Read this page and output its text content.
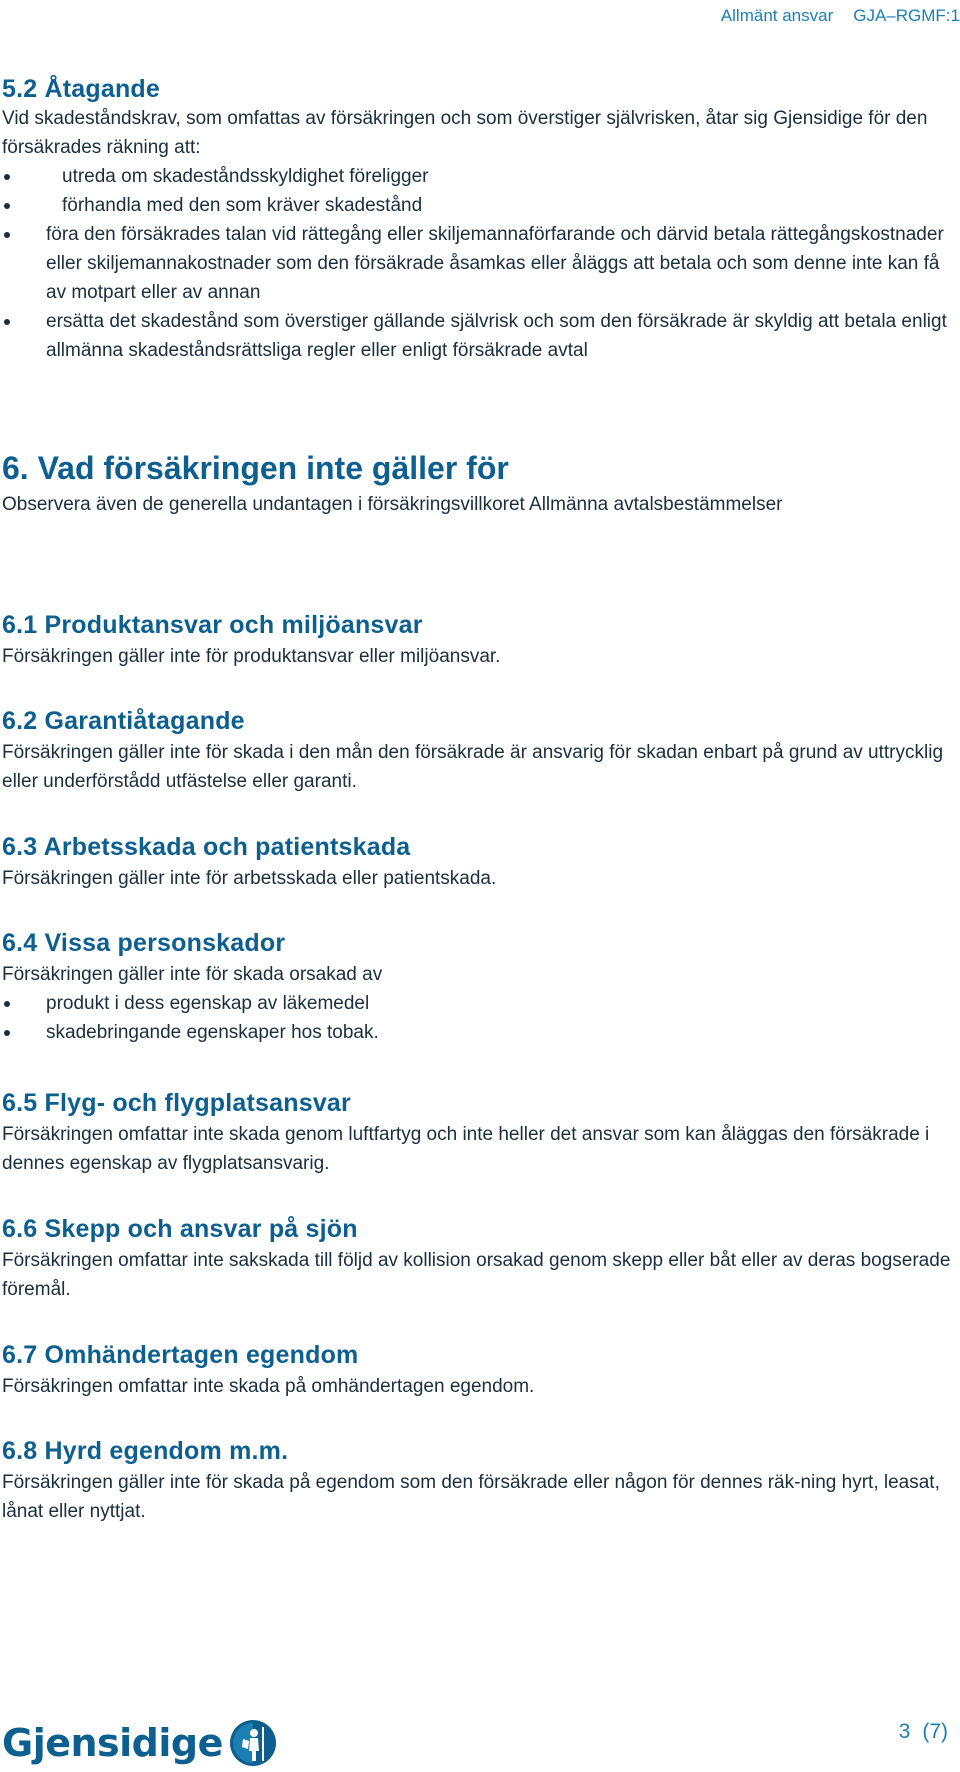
Allmänt ansvar GJA–RGMF:1
5.2 Åtagande

Vid skadeståndskrav, som omfattas av försäkringen och som överstiger självrisken, åtar sig Gjensidige för den försäkrades räkning att:

utreda om skadeståndsskyldighet föreligger
förhandla med den som kräver skadestånd
föra den försäkrades talan vid rättegång eller skiljemannaförfarande och därvid betala rättegångskostnader eller skiljemannakostnader som den försäkrade åsamkas eller åläggs att betala och som denne inte kan få av motpart eller av annan
ersätta det skadestånd som överstiger gällande självrisk och som den försäkrade är skyldig att betala enligt allmänna skadeståndsrättsliga regler eller enligt försäkrade avtal
6. Vad försäkringen inte gäller för

Observera även de generella undantagen i försäkringsvillkoret Allmänna avtalsbestämmelser

6.1 Produktansvar och miljöansvar

Försäkringen gäller inte för produktansvar eller miljöansvar.

6.2 Garantiåtagande

Försäkringen gäller inte för skada i den mån den försäkrade är ansvarig för skadan enbart på grund av uttrycklig eller underförstådd utfästelse eller garanti.

6.3 Arbetsskada och patientskada

Försäkringen gäller inte för arbetsskada eller patientskada.

6.4 Vissa personskador

Försäkringen gäller inte för skada orsakad av

produkt i dess egenskap av läkemedel
skadebringande egenskaper hos tobak.
6.5 Flyg- och flygplatsansvar

Försäkringen omfattar inte skada genom luftfartyg och inte heller det ansvar som kan åläggas den försäkrade i dennes egenskap av flygplatsansvarig.

6.6 Skepp och ansvar på sjön

Försäkringen omfattar inte sakskada till följd av kollision orsakad genom skepp eller båt eller av deras bogserade föremål.

6.7 Omhändertagen egendom

Försäkringen omfattar inte skada på omhändertagen egendom.

6.8 Hyrd egendom m.m.

Försäkringen gäller inte för skada på egendom som den försäkrade eller någon för dennes räk-ning hyrt, leasat, lånat eller nyttjat.

Gjensidige	3 (7)
